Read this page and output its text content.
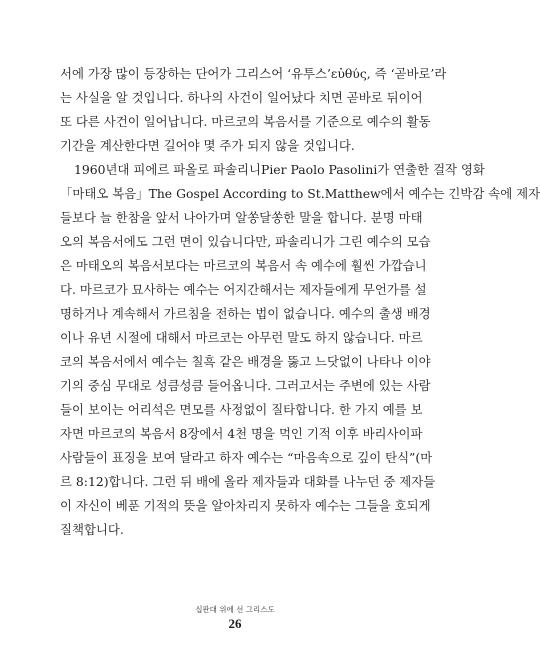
서에 가장 많이 등장하는 단어가 그리스어 ‘유투스’εὐθύς, 즉 ‘곧바로’라
는 사실을 알 것입니다. 하나의 사건이 일어났다 치면 곧바로 뒤이어
또 다른 사건이 일어납니다. 마르코의 복음서를 기준으로 예수의 활동
기간을 계산한다면 길어야 몇 주가 되지 않을 것입니다.
1960년대 피에르 파올로 파솔리니Pier Paolo Pasolini가 연출한 걸작 영화
「마태오 복음」The Gospel According to St.Matthew에서 예수는 긴박감 속에 제자
들보다 늘 한참을 앞서 나아가며 알쏭달쏭한 말을 합니다. 분명 마태
오의 복음서에도 그런 면이 있습니다만, 파솔리니가 그린 예수의 모습
은 마태오의 복음서보다는 마르코의 복음서 속 예수에 훨씬 가깝습니
다. 마르코가 묘사하는 예수는 어지간해서는 제자들에게 무언가를 설
명하거나 계속해서 가르침을 전하는 법이 없습니다. 예수의 출생 배경
이나 유년 시절에 대해서 마르코는 아무런 말도 하지 않습니다. 마르
코의 복음서에서 예수는 칠흑 같은 배경을 뚫고 느닷없이 나타나 이야
기의 중심 무대로 성큼성큼 들어옵니다. 그러고서는 주변에 있는 사람
들이 보이는 어리석은 면모를 사정없이 질타합니다. 한 가지 예를 보
자면 마르코의 복음서 8장에서 4천 명을 먹인 기적 이후 바리사이파
사람들이 표징을 보여 달라고 하자 예수는 “마음속으로 깊이 탄식”(마
르 8:12)합니다. 그런 뒤 배에 올라 제자들과 대화를 나누던 중 제자들
이 자신이 베푼 기적의 뜻을 알아차리지 못하자 예수는 그들을 호되게
질책합니다.
십판대 위에 선 그리스도
26
